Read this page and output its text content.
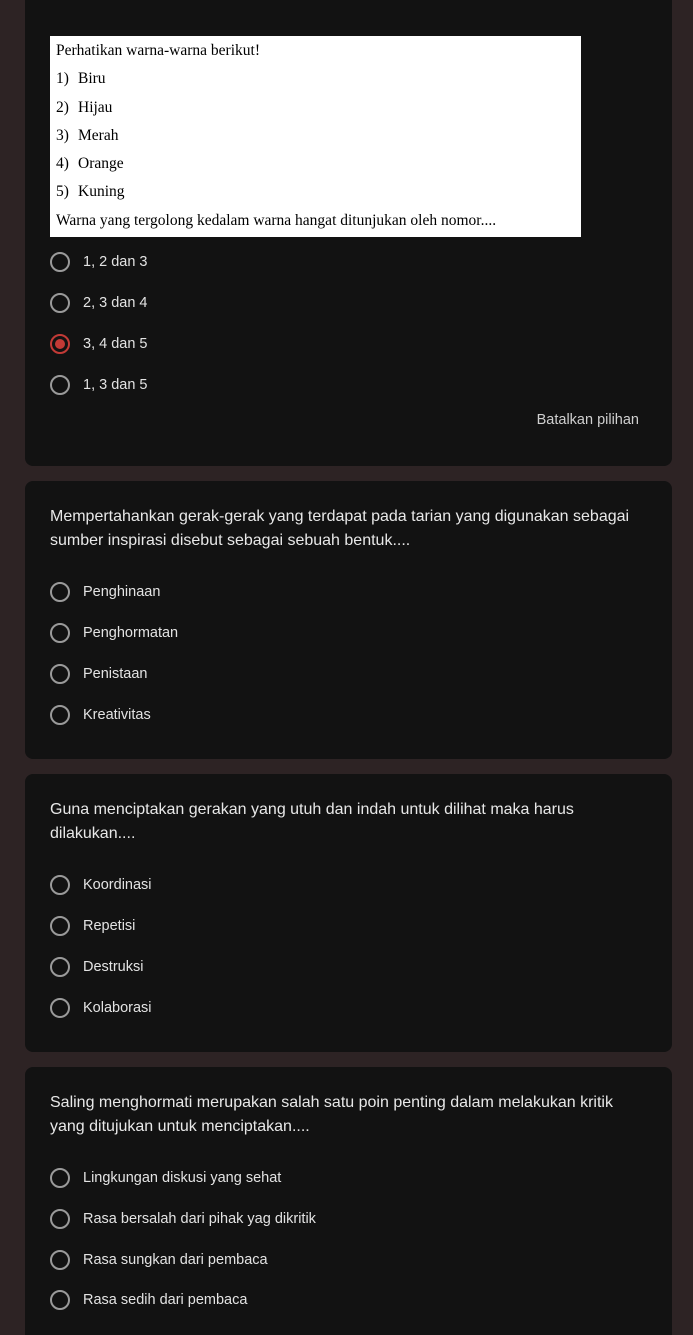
Perhatikan warna-warna berikut!
1) Biru
2) Hijau
3) Merah
4) Orange
5) Kuning
Warna yang tergolong kedalam warna hangat ditunjukan oleh nomor....
1, 2 dan 3
2, 3 dan 4
3, 4 dan 5
1, 3 dan 5
Batalkan pilihan
Mempertahankan gerak-gerak yang terdapat pada tarian yang digunakan sebagai sumber inspirasi disebut sebagai sebuah bentuk....
Penghinaan
Penghormatan
Penistaan
Kreativitas
Guna menciptakan gerakan yang utuh dan indah untuk dilihat maka harus dilakukan....
Koordinasi
Repetisi
Destruksi
Kolaborasi
Saling menghormati merupakan salah satu poin penting dalam melakukan kritik yang ditujukan untuk menciptakan....
Lingkungan diskusi yang sehat
Rasa bersalah dari pihak yag dikritik
Rasa sungkan dari pembaca
Rasa sedih dari pembaca
